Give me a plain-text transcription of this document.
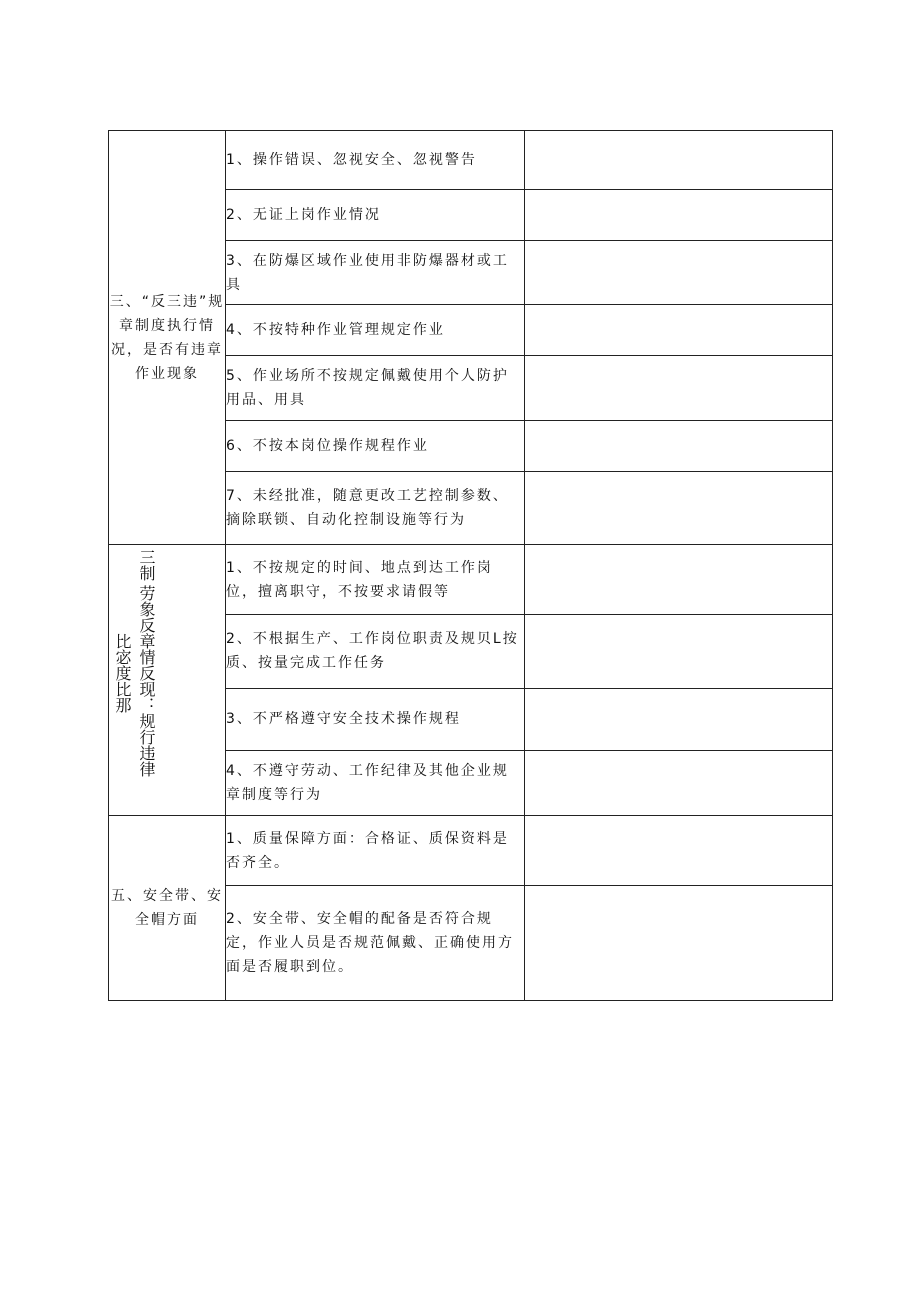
三、“反三违”规章制度执行情况，是否有违章作业现象	1、操作错误、忽视安全、忽视警告	
	2、无证上岗作业情况	
	3、在防爆区域作业使用非防爆器材或工具	
	4、不按特种作业管理规定作业	
	5、作业场所不按规定佩戴使用个人防护用品、用具	
	6、不按本岗位操作规程作业	
	7、未经批准，随意更改工艺控制参数、摘除联锁、自动化控制设施等行为	

比宓度比那 劳象反章情反现：规行违律
三制	1、不按规定的时间、地点到达工作岗位，擅离职守，不按要求请假等	
	2、不根据生产、工作岗位职责及规贝L按质、按量完成工作任务	
	3、不严格遵守安全技术操作规程	
	4、不遵守劳动、工作纪律及其他企业规章制度等行为	
五、安全带、安全帽方面	1、质量保障方面：合格证、质保资料是否齐全。	
	2、安全带、安全帽的配备是否符合规定，作业人员是否规范佩戴、正确使用方面是否履职到位。	
